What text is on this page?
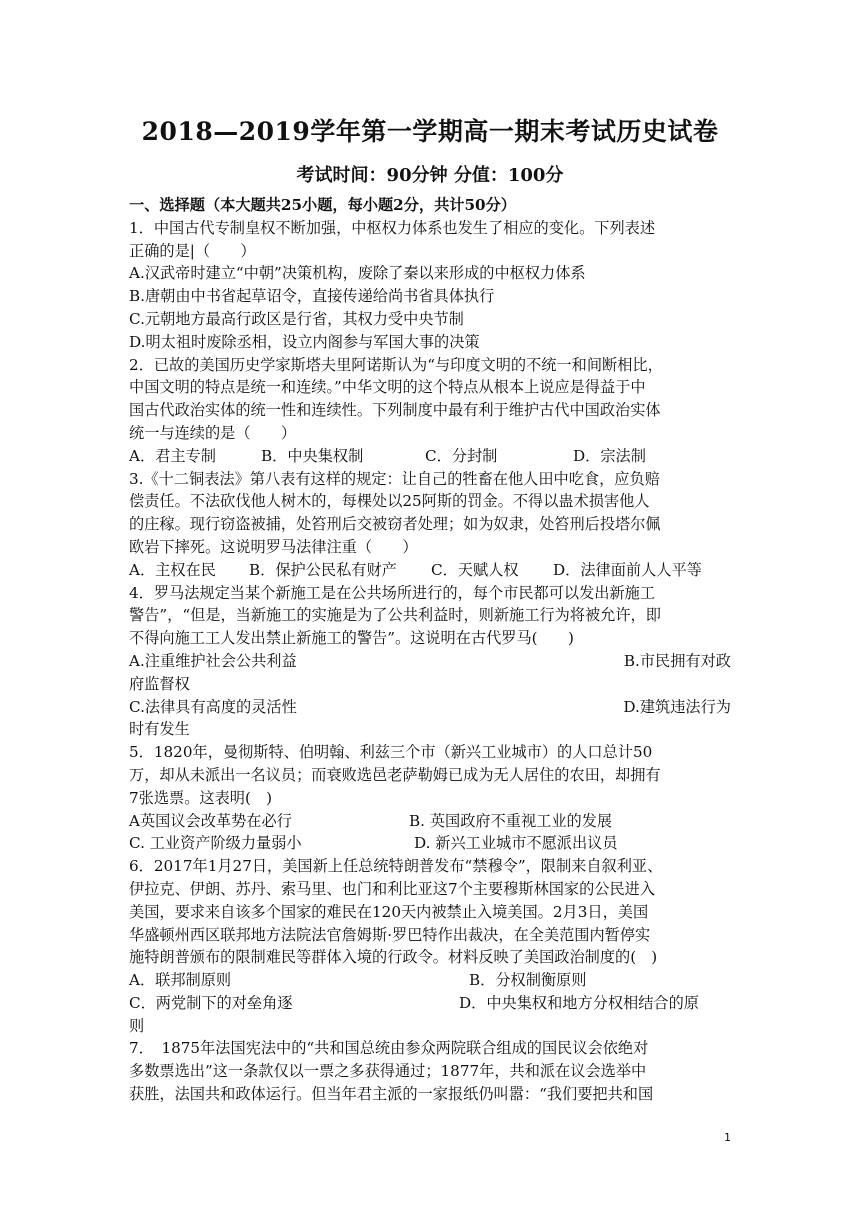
2018—2019学年第一学期高一期末考试历史试卷
考试时间：90分钟 分值：100分
一、选择题（本大题共25小题，每小题2分，共计50分）
1．中国古代专制皇权不断加强，中枢权力体系也发生了相应的变化。下列表述
正确的是|（　　）
A.汉武帝时建立“中朝”决策机构，废除了秦以来形成的中枢权力体系
B.唐朝由中书省起草诏令，直接传递给尚书省具体执行
C.元朝地方最高行政区是行省，其权力受中央节制
D.明太祖时废除丞相，设立内阁参与军国大事的决策
2．已故的美国历史学家斯塔夫里阿诺斯认为“与印度文明的不统一和间断相比，
中国文明的特点是统一和连续。”中华文明的这个特点从根本上说应是得益于中
国古代政治实体的统一性和连续性。下列制度中最有利于维护古代中国政治实体
统一与连续的是（　　）
A．君主专制	B．中央集权制	C．分封制	D．宗法制
3.《十二铜表法》第八表有这样的规定：让自己的牲畜在他人田中吃食，应负赔
偿责任。不法砍伐他人树木的，每棵处以25阿斯的罚金。不得以蛊术损害他人
的庄稼。现行窃盗被捕，处笞刑后交被窃者处理；如为奴隶，处笞刑后投塔尔佩
欧岩下摔死。这说明罗马法律注重（　　）
A．主权在民	B．保护公民私有财产	C．天赋人权	D．法律面前人人平等
4．罗马法规定当某个新施工是在公共场所进行的，每个市民都可以发出新施工
警告”，“但是，当新施工的实施是为了公共利益时，则新施工行为将被允许，即
不得向施工工人发出禁止新施工的警告”。这说明在古代罗马(　　)
A.注重维护社会公共利益	B.市民拥有对政
府监督权
C.法律具有高度的灵活性	D.建筑违法行为
时有发生
5．1820年，曼彻斯特、伯明翰、利兹三个市（新兴工业城市）的人口总计50
万，却从未派出一名议员；而衰败选邑老萨勒姆已成为无人居住的农田，却拥有
7张选票。这表明(　)
A英国议会改革势在必行	B. 英国政府不重视工业的发展
C. 工业资产阶级力量弱小	D. 新兴工业城市不愿派出议员
6．2017年1月27日，美国新上任总统特朗普发布“禁穆令”，限制来自叙利亚、
伊拉克、伊朗、苏丹、索马里、也门和利比亚这7个主要穆斯林国家的公民进入
美国，要求来自该多个国家的难民在120天内被禁止入境美国。2月3日，美国
华盛顿州西区联邦地方法院法官詹姆斯·罗巴特作出裁决，在全美范围内暂停实
施特朗普颁布的限制难民等群体入境的行政令。材料反映了美国政治制度的(　)
A．联邦制原则	B．分权制衡原则
C．两党制下的对垒角逐	D．中央集权和地方分权相结合的原
则
7．　1875年法国宪法中的“共和国总统由参众两院联合组成的国民议会依绝对
多数票选出”这一条款仅以一票之多获得通过；1877年，共和派在议会选举中
获胜，法国共和政体运行。但当年君主派的一家报纸仍叫嚣：“我们要把共和国
1
